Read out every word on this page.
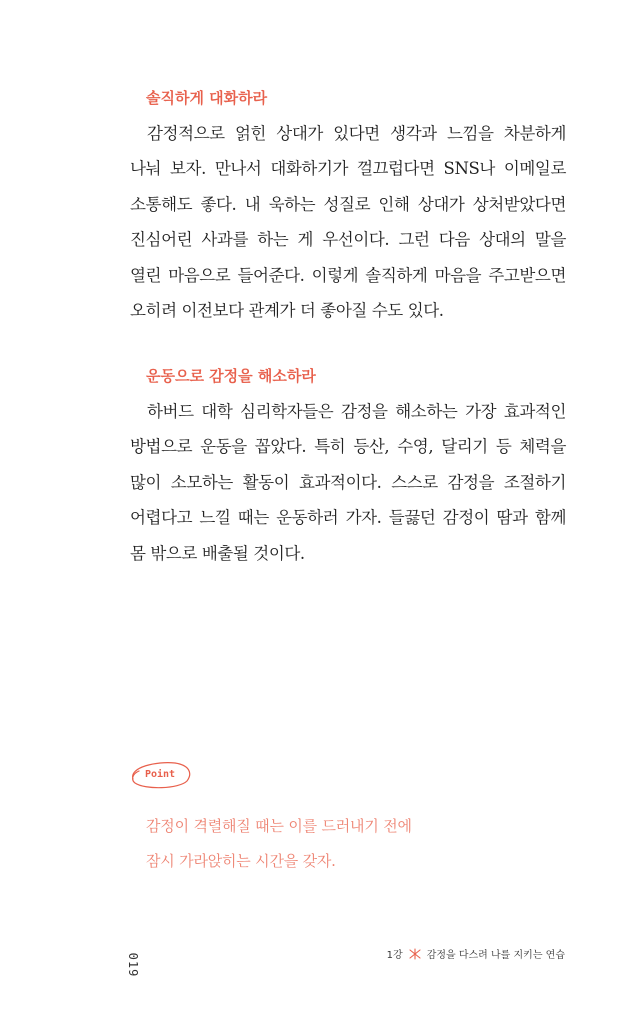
솔직하게 대화하라

감정적으로 얽힌 상대가 있다면 생각과 느낌을 차분하게 나눠 보자. 만나서 대화하기가 껄끄럽다면 SNS나 이메일로 소통해도 좋다. 내 욱하는 성질로 인해 상대가 상처받았다면 진심어린 사과를 하는 게 우선이다. 그런 다음 상대의 말을 열린 마음으로 들어준다. 이렇게 솔직하게 마음을 주고받으면 오히려 이전보다 관계가 더 좋아질 수도 있다.

운동으로 감정을 해소하라

하버드 대학 심리학자들은 감정을 해소하는 가장 효과적인 방법으로 운동을 꼽았다. 특히 등산, 수영, 달리기 등 체력을 많이 소모하는 활동이 효과적이다. 스스로 감정을 조절하기 어렵다고 느낄 때는 운동하러 가자. 들끓던 감정이 땀과 함께 몸 밖으로 배출될 것이다.

Point

감정이 격렬해질 때는 이를 드러내기 전에

잠시 가라앉히는 시간을 갖자.

019	1강 감정을 다스려 나를 지키는 연습
